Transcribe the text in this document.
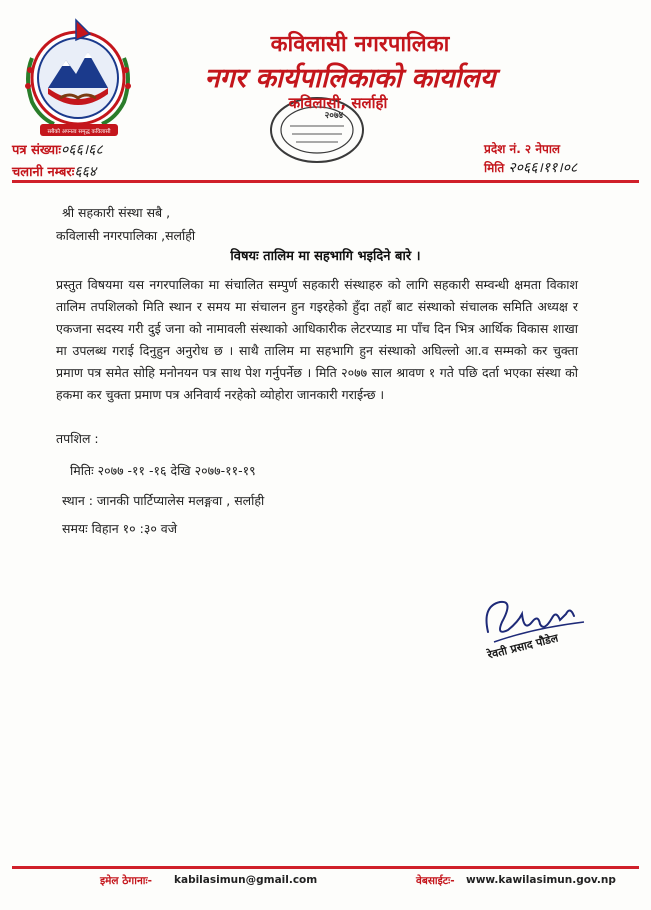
सबैको अपनत्व समृद्ध कविलासी
कविलासी नगरपालिका
नगर कार्यपालिकाको कार्यालय
२०७४
कविलासी, सर्लाही
पत्र संख्याः०६६।६८
चलानी नम्बरः६६४
प्रदेश नं. २ नेपाल
मिति २०६६।११।०८
श्री सहकारी संस्था सबै ,
कविलासी नगरपालिका ,सर्लाही
विषयः तालिम मा सहभागि भइदिने बारे ।
प्रस्तुत विषयमा यस नगरपालिका मा संचालित सम्पुर्ण सहकारी संस्थाहरु को लागि सहकारी सम्वन्धी क्षमता विकाश तालिम तपशिलको मिति स्थान र समय मा संचालन हुन गइरहेको हुँदा तहाँ बाट संस्थाको संचालक समिति अध्यक्ष र एकजना सदस्य गरी दुई जना को नामावली संस्थाको आधिकारीक लेटरप्याड मा पाँच दिन भित्र आर्थिक विकास शाखा मा उपलब्ध गराई दिनुहुन अनुरोध छ । साथै तालिम मा सहभागि हुन संस्थाको अघिल्लो आ.व सम्मको कर चुक्ता प्रमाण पत्र समेत सोहि मनोनयन पत्र साथ पेश गर्नुपर्नेछ । मिति २०७७ साल श्रावण १ गते पछि दर्ता भएका संस्था को हकमा कर चुक्ता प्रमाण पत्र अनिवार्य नरहेको व्योहोरा जानकारी गराईन्छ ।
तपशिल :
मितिः २०७७ -११ -१६ देखि २०७७-११-१९
स्थान : जानकी पार्टिप्यालेस मलङ्गवा , सर्लाही
समयः विहान १० :३० वजे
रेवती प्रसाद पौडेल
इमेल ठेगानाः- kabilasimun@gmail.com	वेबसाईटः- www.kawilasimun.gov.np
